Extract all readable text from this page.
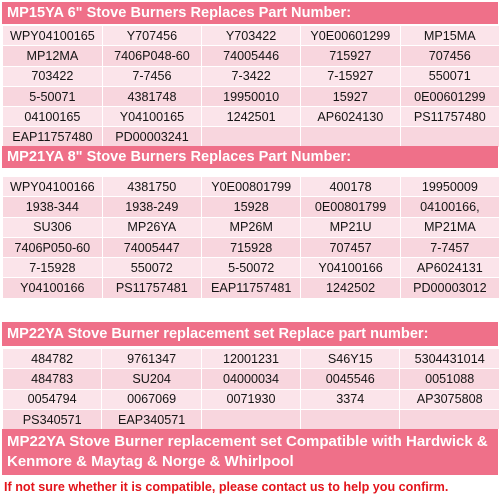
MP15YA 6" Stove Burners Replaces Part Number:
WPY04100165	Y707456	Y703422	Y0E00601299	MP15MA
MP12MA	7406P048-60	74005446	715927	707456
703422	7-7456	7-3422	7-15927	550071
5-50071	4381748	19950010	15927	0E00601299
04100165	Y04100165	1242501	AP6024130	PS11757480
EAP11757480	PD00003241			
MP21YA 8" Stove Burners Replaces Part Number:
WPY04100166	4381750	Y0E00801799	400178	19950009
1938-344	1938-249	15928	0E00801799	04100166,
SU306	MP26YA	MP26M	MP21U	MP21MA
7406P050-60	74005447	715928	707457	7-7457
7-15928	550072	5-50072	Y04100166	AP6024131
Y04100166	PS11757481	EAP11757481	1242502	PD00003012
MP22YA Stove Burner replacement set Replace part number:
484782	9761347	12001231	S46Y15	5304431014
484783	SU204	04000034	0045546	0051088
0054794	0067069	0071930	3374	AP3075808
PS340571	EAP340571			
MP22YA Stove Burner replacement set Compatible with Hardwick &
Kenmore & Maytag & Norge & Whirlpool
If not sure whether it is compatible, please contact us to help you confirm.
